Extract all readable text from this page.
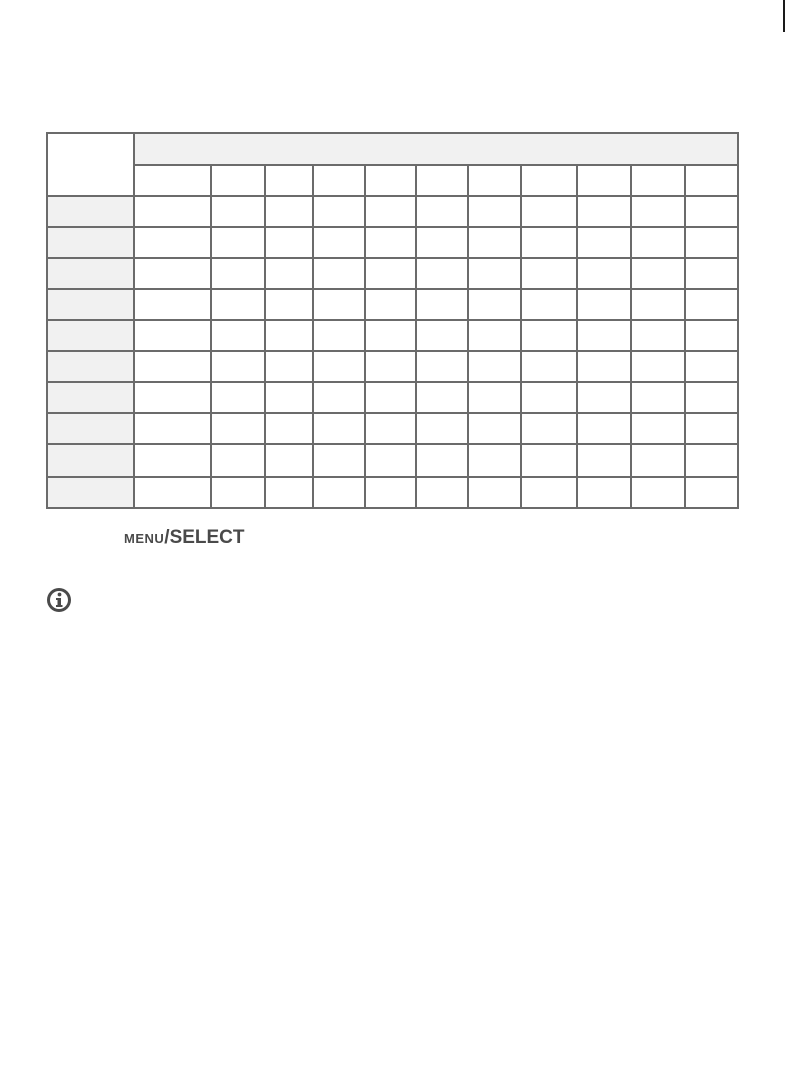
MENU/SELECT
